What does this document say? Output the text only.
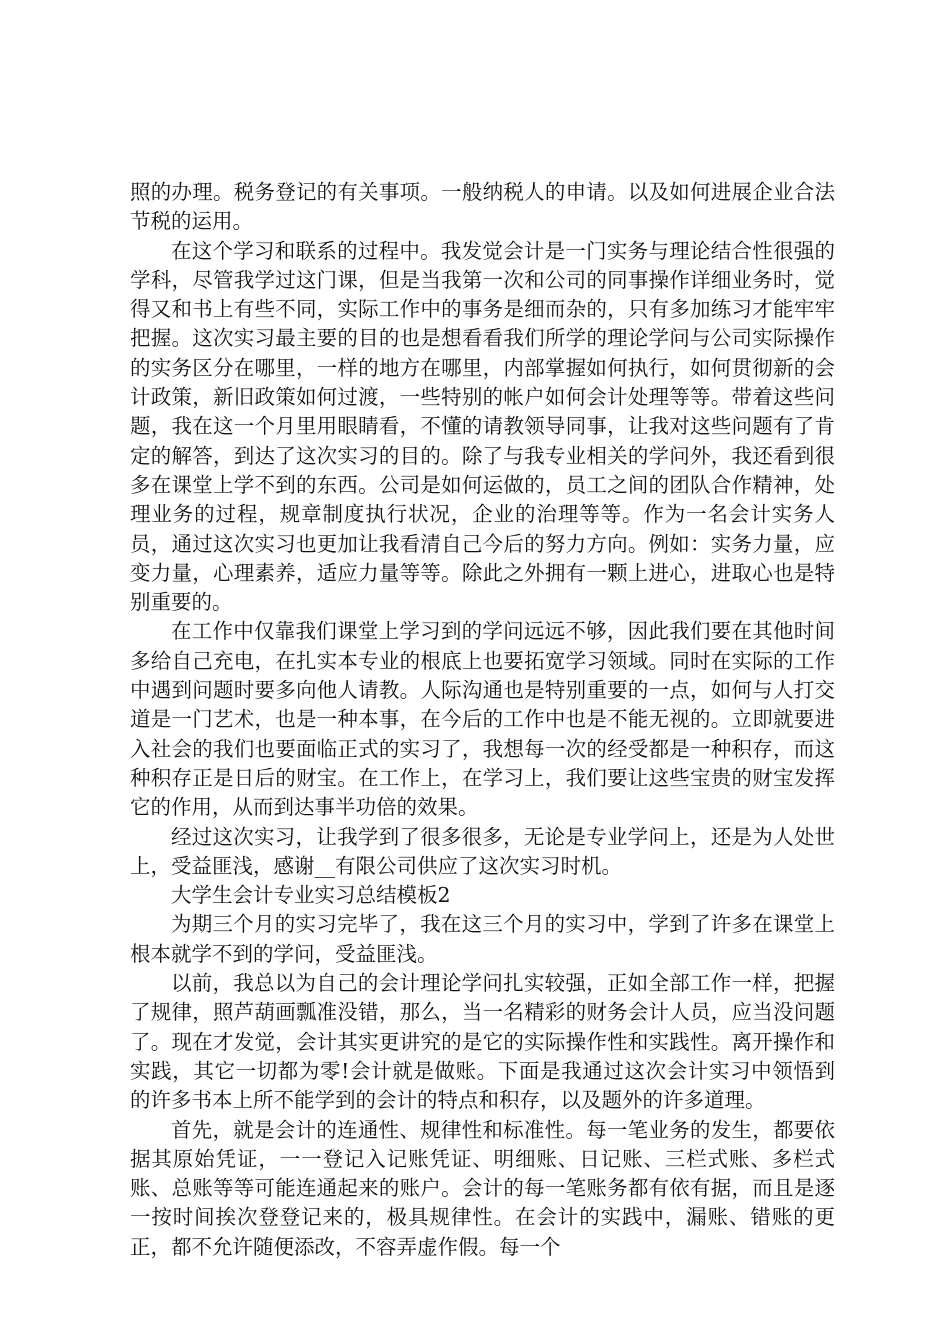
照的办理。税务登记的有关事项。一般纳税人的申请。以及如何进展企业合法节税的运用。

在这个学习和联系的过程中。我发觉会计是一门实务与理论结合性很强的学科，尽管我学过这门课，但是当我第一次和公司的同事操作详细业务时，觉得又和书上有些不同，实际工作中的事务是细而杂的，只有多加练习才能牢牢把握。这次实习最主要的目的也是想看看我们所学的理论学问与公司实际操作的实务区分在哪里，一样的地方在哪里，内部掌握如何执行，如何贯彻新的会计政策，新旧政策如何过渡，一些特别的帐户如何会计处理等等。带着这些问题，我在这一个月里用眼睛看，不懂的请教领导同事，让我对这些问题有了肯定的解答，到达了这次实习的目的。除了与我专业相关的学问外，我还看到很多在课堂上学不到的东西。公司是如何运做的，员工之间的团队合作精神，处理业务的过程，规章制度执行状况，企业的治理等等。作为一名会计实务人员，通过这次实习也更加让我看清自己今后的努力方向。例如：实务力量，应变力量，心理素养，适应力量等等。除此之外拥有一颗上进心，进取心也是特别重要的。

在工作中仅靠我们课堂上学习到的学问远远不够，因此我们要在其他时间多给自己充电，在扎实本专业的根底上也要拓宽学习领域。同时在实际的工作中遇到问题时要多向他人请教。人际沟通也是特别重要的一点，如何与人打交道是一门艺术，也是一种本事，在今后的工作中也是不能无视的。立即就要进入社会的我们也要面临正式的实习了，我想每一次的经受都是一种积存，而这种积存正是日后的财宝。在工作上，在学习上，我们要让这些宝贵的财宝发挥它的作用，从而到达事半功倍的效果。

经过这次实习，让我学到了很多很多，无论是专业学问上，还是为人处世上，受益匪浅，感谢__有限公司供应了这次实习时机。

大学生会计专业实习总结模板2

为期三个月的实习完毕了，我在这三个月的实习中，学到了许多在课堂上根本就学不到的学问，受益匪浅。

以前，我总以为自己的会计理论学问扎实较强，正如全部工作一样，把握了规律，照芦葫画瓢准没错，那么，当一名精彩的财务会计人员，应当没问题了。现在才发觉，会计其实更讲究的是它的实际操作性和实践性。离开操作和实践，其它一切都为零!会计就是做账。下面是我通过这次会计实习中领悟到的许多书本上所不能学到的会计的特点和积存，以及题外的许多道理。

首先，就是会计的连通性、规律性和标准性。每一笔业务的发生，都要依据其原始凭证，一一登记入记账凭证、明细账、日记账、三栏式账、多栏式账、总账等等可能连通起来的账户。会计的每一笔账务都有依有据，而且是逐一按时间挨次登登记来的，极具规律性。在会计的实践中，漏账、错账的更正，都不允许随便添改，不容弄虚作假。每一个
